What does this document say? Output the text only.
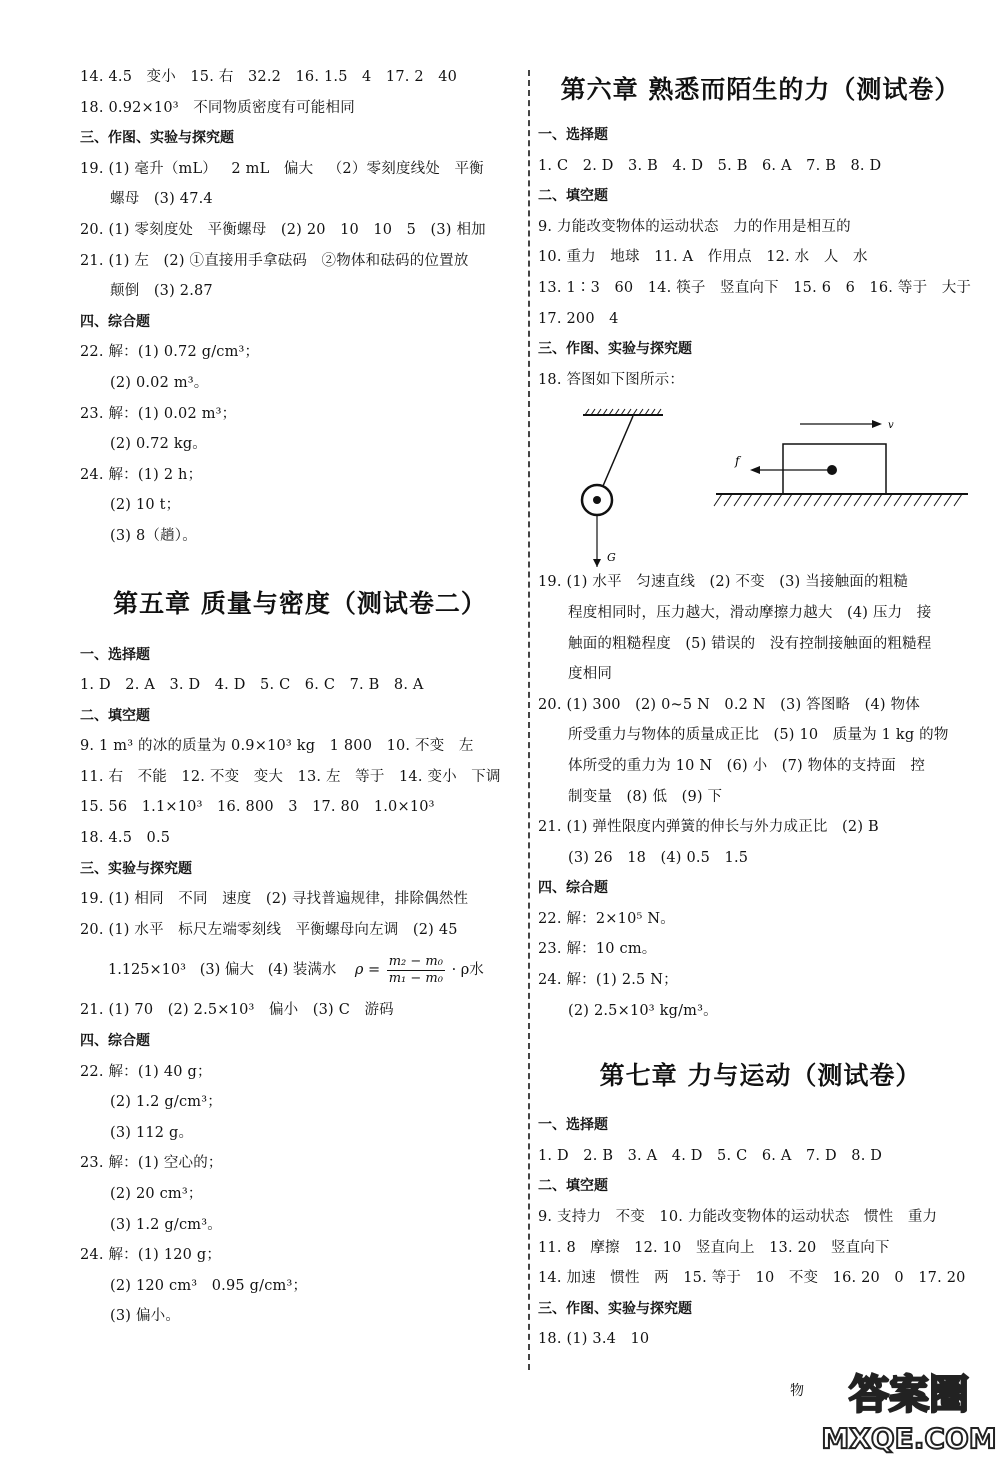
14. 4.5   变小   15. 右   32.2   16. 1.5   4   17. 2   40
18. 0.92×10³   不同物质密度有可能相同
三、作图、实验与探究题
19. (1) 毫升（mL）   2 mL   偏大   （2）零刻度线处   平衡
螺母   (3) 47.4
20. (1) 零刻度处   平衡螺母   (2) 20   10   10   5   (3) 相加
21. (1) 左   (2) ①直接用手拿砝码   ②物体和砝码的位置放
颠倒   (3) 2.87
四、综合题
22. 解：(1) 0.72 g/cm³；
(2) 0.02 m³。
23. 解：(1) 0.02 m³；
(2) 0.72 kg。
24. 解：(1) 2 h；
(2) 10 t；
(3) 8（趟）。
第五章 质量与密度（测试卷二）
一、选择题
1. D   2. A   3. D   4. D   5. C   6. C   7. B   8. A
二、填空题
9. 1 m³ 的冰的质量为 0.9×10³ kg   1 800   10. 不变   左
11. 右   不能   12. 不变   变大   13. 左   等于   14. 变小   下调
15. 56   1.1×10³   16. 800   3   17. 80   1.0×10³
18. 4.5   0.5
三、实验与探究题
19. (1) 相同   不同   速度   (2) 寻找普遍规律，排除偶然性
20. (1) 水平   标尺左端零刻线   平衡螺母向左调   (2) 45
1.125×10³   (3) 偏大   (4) 装满水    $\rho = \frac{\text{m₂ − m₀}}{\text{m₁ − m₀}} \cdot \rho$水
21. (1) 70   (2) 2.5×10³   偏小   (3) C   游码
四、综合题
22. 解：(1) 40 g；
(2) 1.2 g/cm³；
(3) 112 g。
23. 解：(1) 空心的；
(2) 20 cm³；
(3) 1.2 g/cm³。
24. 解：(1) 120 g；
(2) 120 cm³   0.95 g/cm³；
(3) 偏小。
第六章 熟悉而陌生的力（测试卷）
一、选择题
1. C   2. D   3. B   4. D   5. B   6. A   7. B   8. D
二、填空题
9. 力能改变物体的运动状态   力的作用是相互的
10. 重力   地球   11. A   作用点   12. 水   人   水
13. 1∶3   60   14. 筷子   竖直向下   15. 6   6   16. 等于   大于
17. 200   4
三、作图、实验与探究题
18. 答图如下图所示：
G
v
f
19. (1) 水平   匀速直线   (2) 不变   (3) 当接触面的粗糙
程度相同时，压力越大，滑动摩擦力越大   (4) 压力   接
触面的粗糙程度   (5) 错误的   没有控制接触面的粗糙程
度相同
20. (1) 300   (2) 0~5 N   0.2 N   (3) 答图略   (4) 物体
所受重力与物体的质量成正比   (5) 10   质量为 1 kg 的物
体所受的重力为 10 N   (6) 小   (7) 物体的支持面   控
制变量   (8) 低   (9) 下
21. (1) 弹性限度内弹簧的伸长与外力成正比   (2) B
(3) 26   18   (4) 0.5   1.5
四、综合题
22. 解：2×10⁵ N。
23. 解：10 cm。
24. 解：(1) 2.5 N；
(2) 2.5×10³ kg/m³。
第七章 力与运动（测试卷）
一、选择题
1. D   2. B   3. A   4. D   5. C   6. A   7. D   8. D
二、填空题
9. 支持力   不变   10. 力能改变物体的运动状态   惯性   重力
11. 8   摩擦   12. 10   竖直向上   13. 20   竖直向下
14. 加速   惯性   两   15. 等于   10   不变   16. 20   0   17. 20
三、作图、实验与探究题
18. (1) 3.4   10
物 答案圈
MXQE.COM
